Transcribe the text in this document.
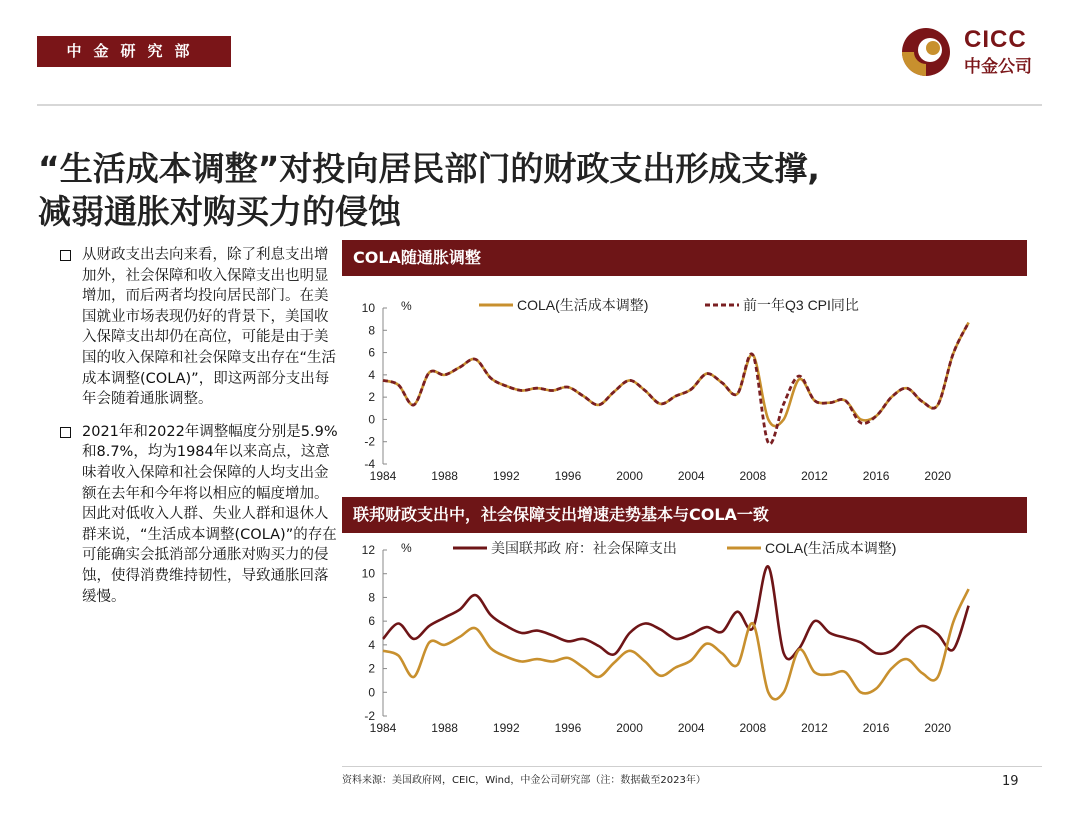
中金研究部	CICC
中金公司
“生活成本调整”对投向居民部门的财政支出形成支撑,
减弱通胀对购买力的侵蚀
从财政支出去向来看，除了利息支出增加外，社会保障和收入保障支出也明显增加，而后两者均投向居民部门。在美国就业市场表现仍好的背景下，美国收入保障支出却仍在高位，可能是由于美国的收入保障和社会保障支出存在“生活成本调整(COLA)”，即这两部分支出每年会随着通胀调整。
2021年和2022年调整幅度分别是5.9%和8.7%，均为1984年以来高点，这意味着收入保障和社会保障的人均支出金额在去年和今年将以相应的幅度增加。因此对低收入人群、失业人群和退休人群来说，“生活成本调整(COLA)”的存在可能确实会抵消部分通胀对购买力的侵蚀，使得消费维持韧性，导致通胀回落缓慢。
COLA随通胀调整
-4
-2
0
2
4
6
8
10 %
1984	1988	1992	1996	2000	2004	2008	2012	2016	2020
COLA(生活成本调整)	前一年Q3 CPI同比
联邦财政支出中，社会保障支出增速走势基本与COLA一致
-2
0
2
4
6
8
10
12 %
1984	1988	1992	1996	2000	2004	2008	2012	2016	2020
美国联邦政 府：社会保障支出	COLA(生活成本调整)
资料来源：美国政府网，CEIC，Wind，中金公司研究部（注：数据截至2023年）	19
